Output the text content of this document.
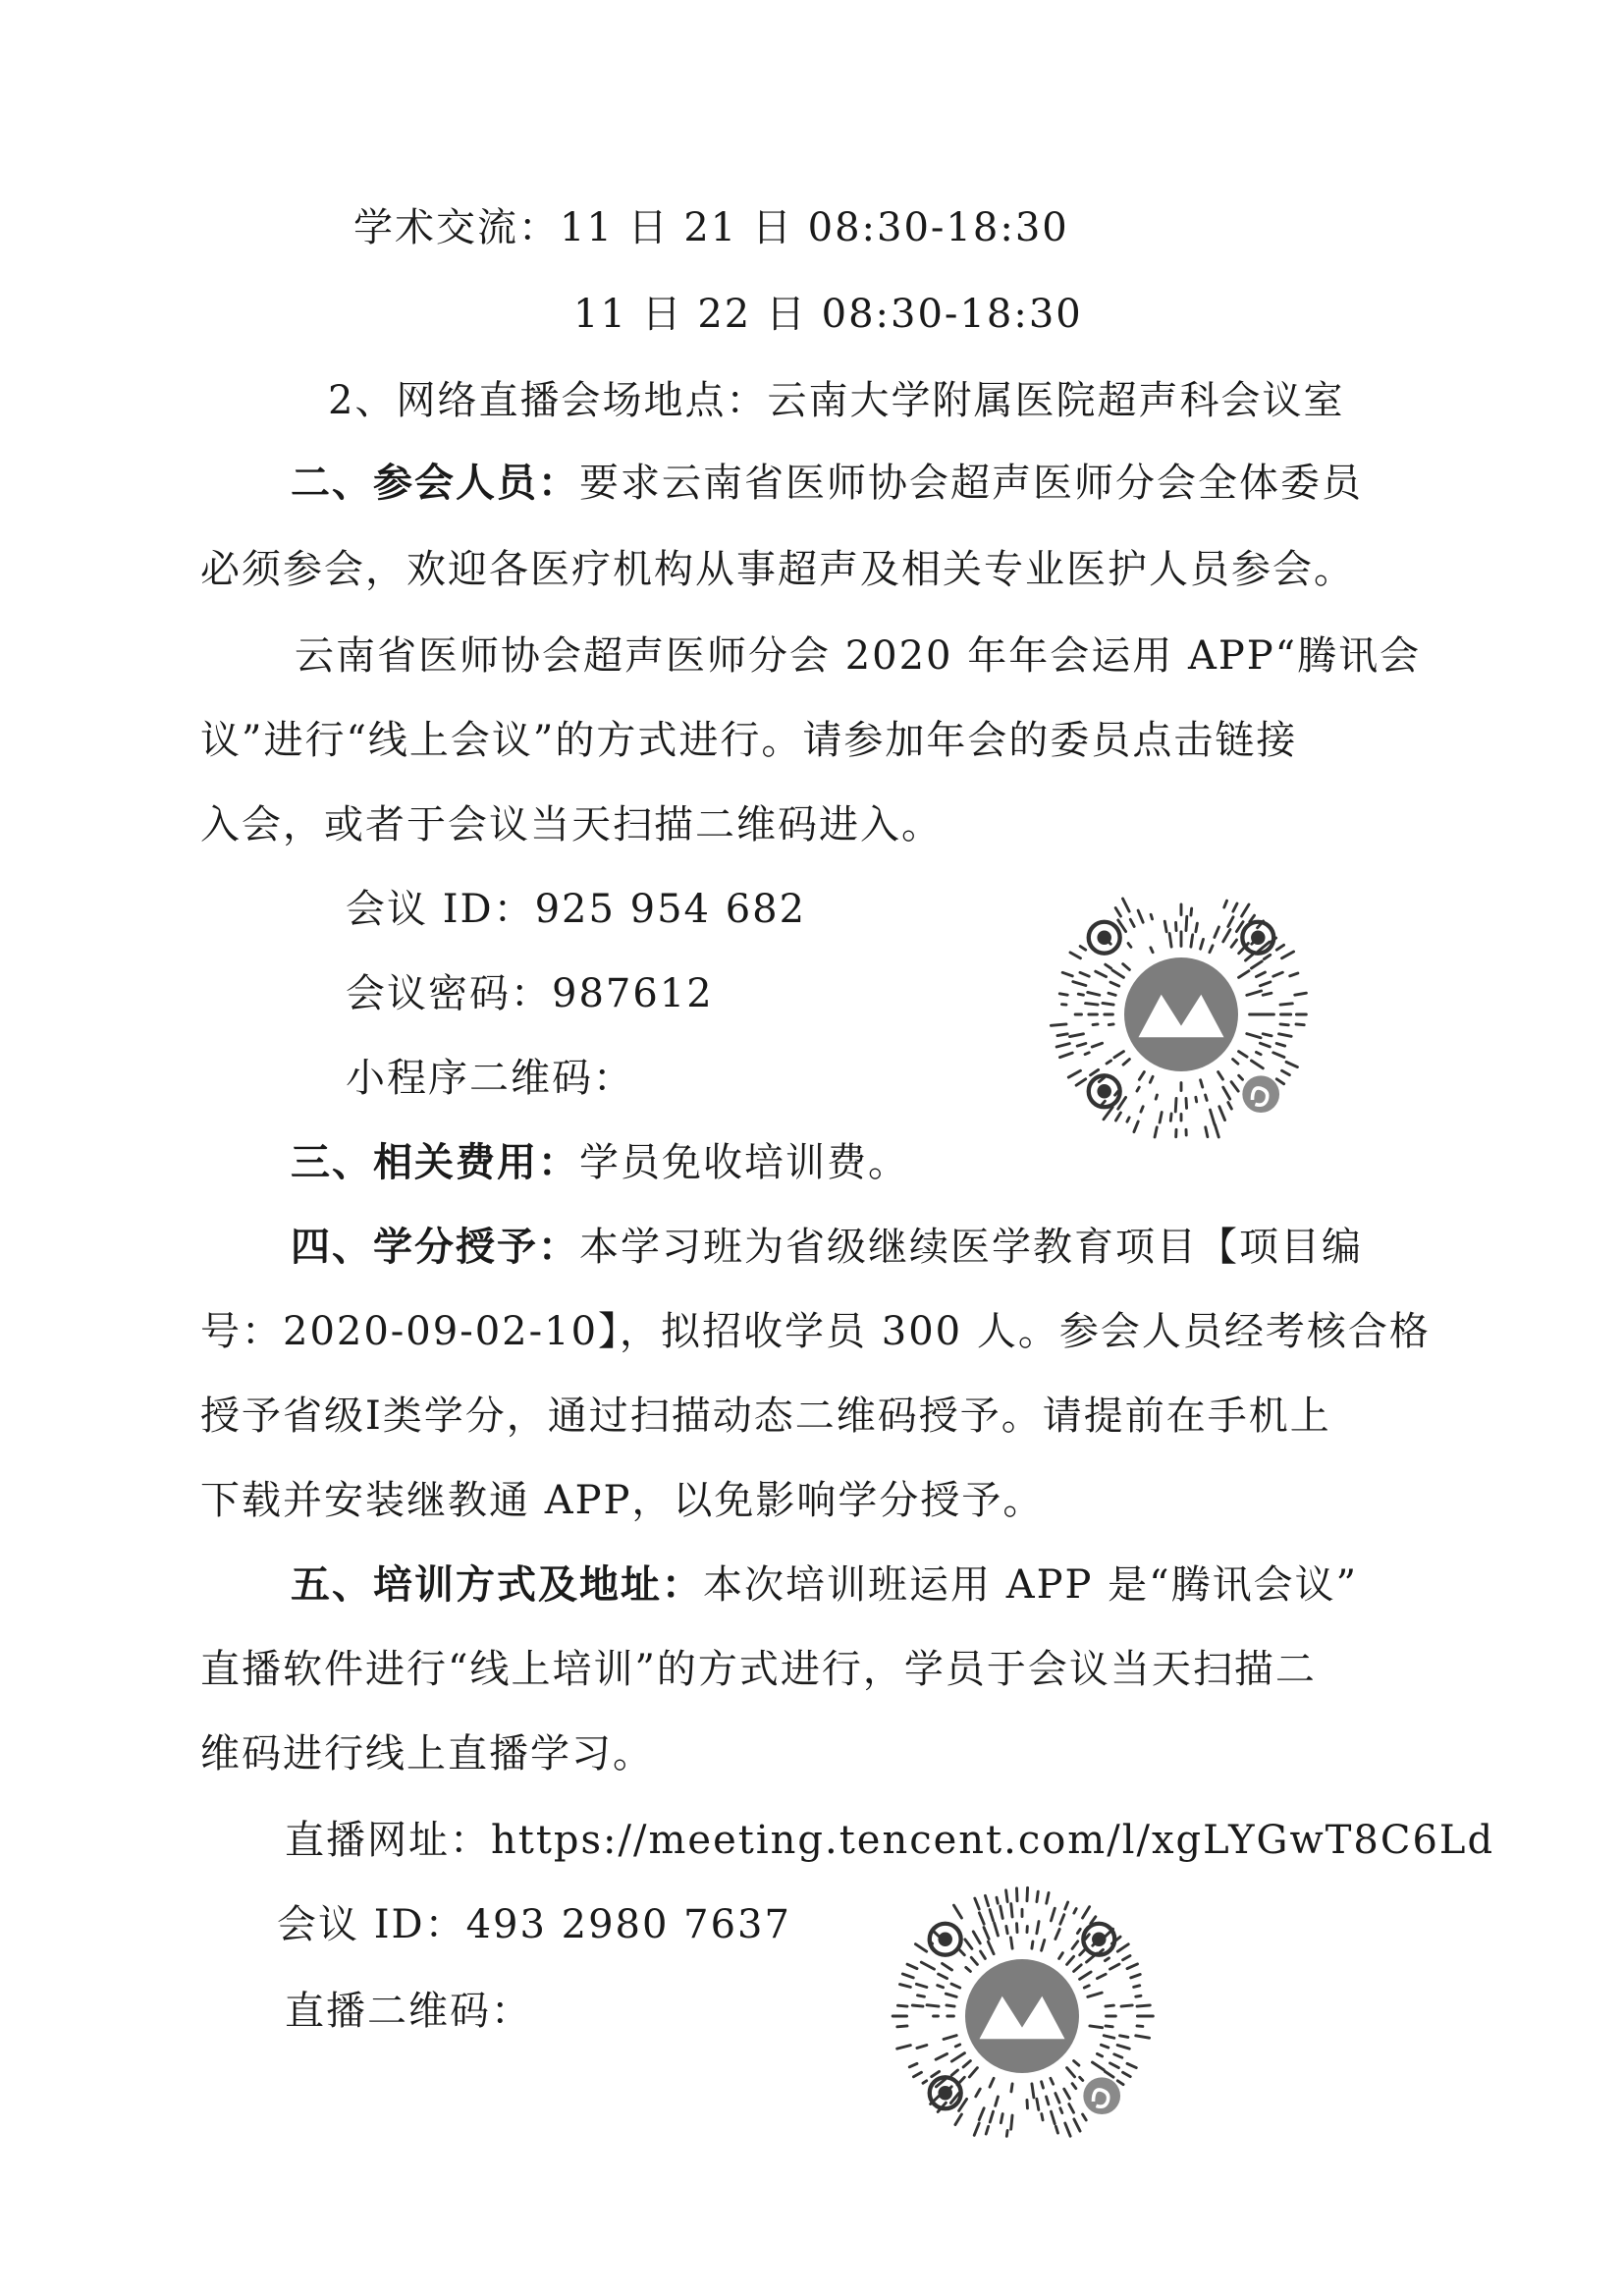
学术交流：11 日 21 日 08:30-18:30
11 日 22 日 08:30-18:30
2、网络直播会场地点：云南大学附属医院超声科会议室
二、参会人员：要求云南省医师协会超声医师分会全体委员
必须参会，欢迎各医疗机构从事超声及相关专业医护人员参会。
云南省医师协会超声医师分会 2020 年年会运用 APP“腾讯会
议”进行“线上会议”的方式进行。请参加年会的委员点击链接
入会，或者于会议当天扫描二维码进入。
会议 ID：925 954 682
会议密码：987612
小程序二维码：
三、相关费用：学员免收培训费。
四、学分授予：本学习班为省级继续医学教育项目【项目编
号：2020-09-02-10】，拟招收学员 300 人。参会人员经考核合格
授予省级Ⅰ类学分，通过扫描动态二维码授予。请提前在手机上
下载并安装继教通 APP，以免影响学分授予。
五、培训方式及地址：本次培训班运用 APP 是“腾讯会议”
直播软件进行“线上培训”的方式进行，学员于会议当天扫描二
维码进行线上直播学习。
直播网址：https://meeting.tencent.com/l/xgLYGwT8C6Ld
会议 ID：493 2980 7637
直播二维码：
